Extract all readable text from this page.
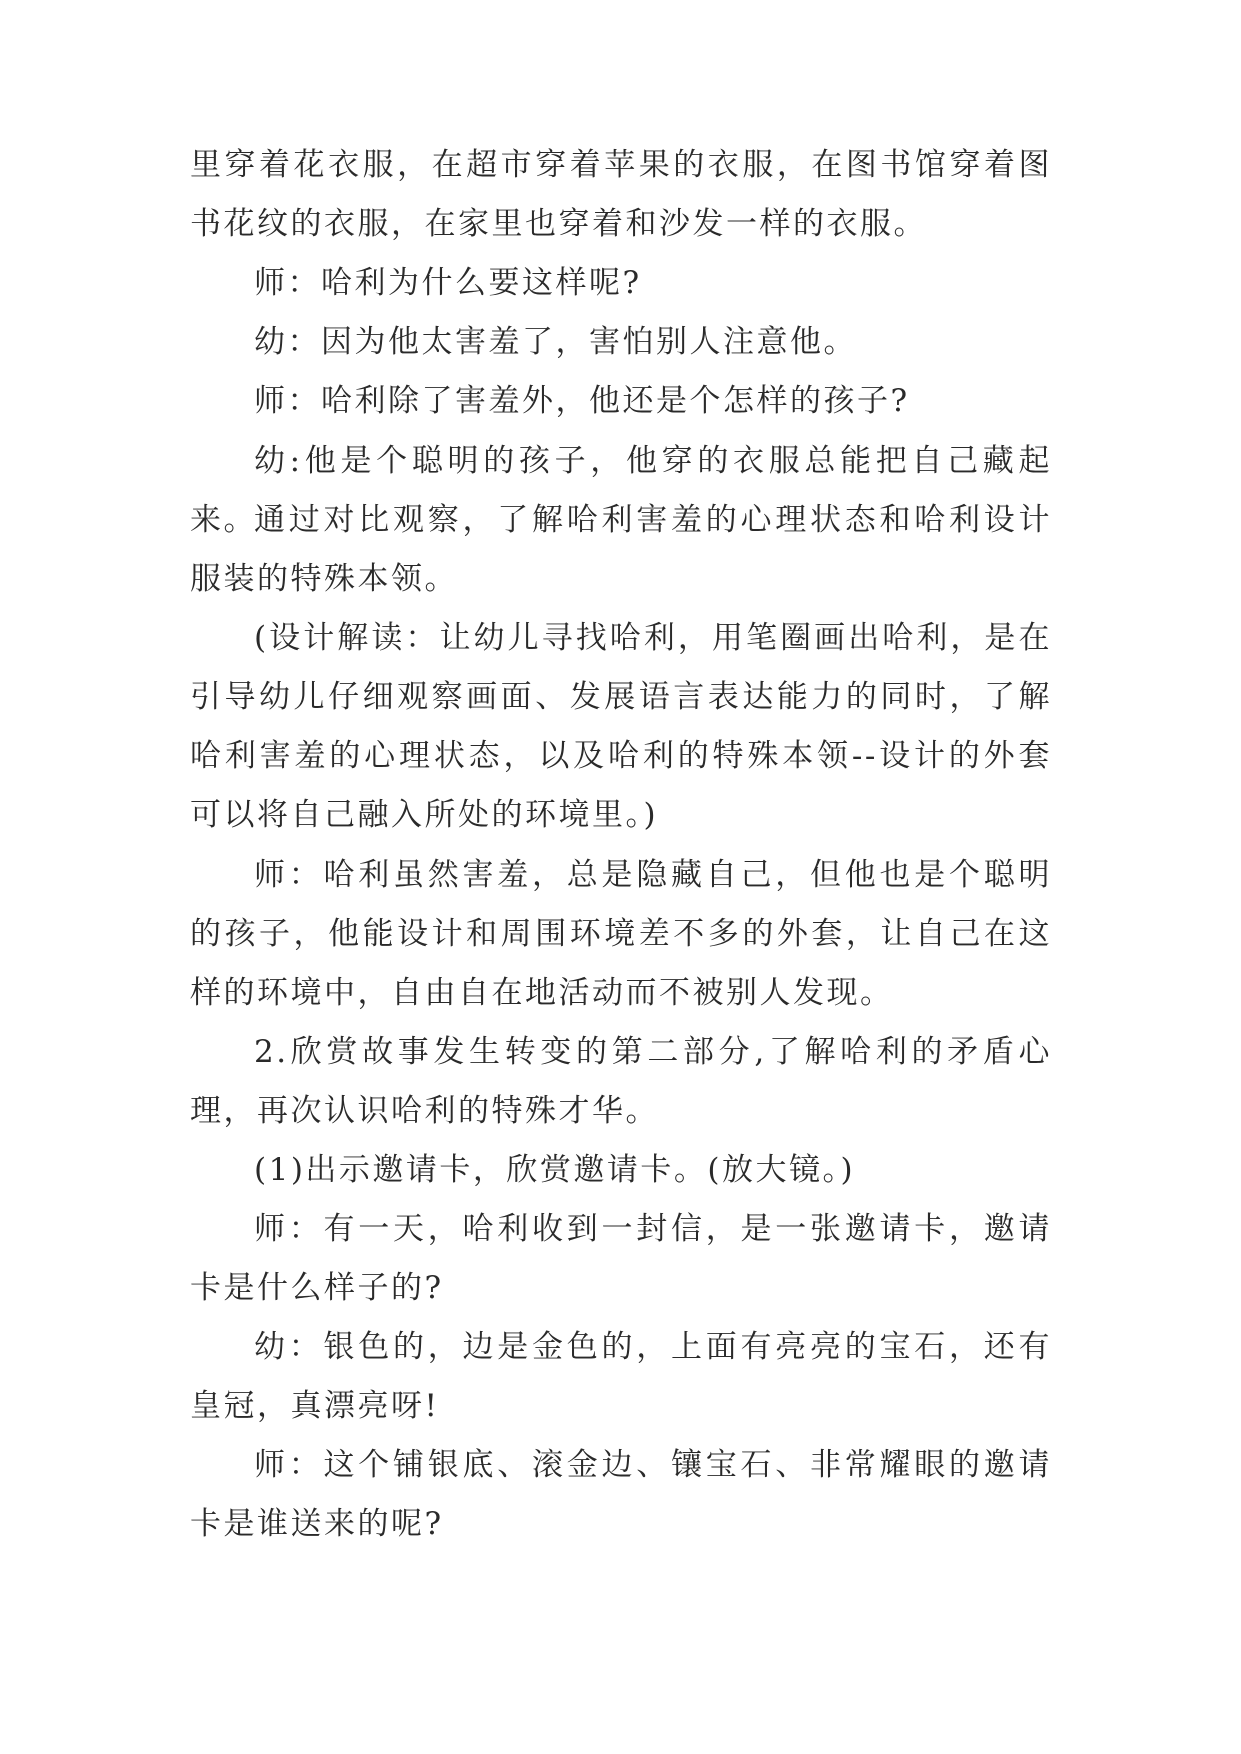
里穿着花衣服，在超市穿着苹果的衣服，在图书馆穿着图书花纹的衣服，在家里也穿着和沙发一样的衣服。

师：哈利为什么要这样呢?

幼：因为他太害羞了，害怕别人注意他。

师：哈利除了害羞外，他还是个怎样的孩子?

幼:他是个聪明的孩子，他穿的衣服总能把自己藏起来。

通过对比观察，了解哈利害羞的心理状态和哈利设计服装的特殊本领。

(设计解读：让幼儿寻找哈利，用笔圈画出哈利，是在引导幼儿仔细观察画面、发展语言表达能力的同时，了解哈利害羞的心理状态，以及哈利的特殊本领--设计的外套可以将自己融入所处的环境里。)

师：哈利虽然害羞，总是隐藏自己，但他也是个聪明的孩子，他能设计和周围环境差不多的外套，让自己在这样的环境中，自由自在地活动而不被别人发现。

2.欣赏故事发生转变的第二部分,了解哈利的矛盾心理，再次认识哈利的特殊才华。

(1)出示邀请卡，欣赏邀请卡。(放大镜。)

师：有一天，哈利收到一封信，是一张邀请卡，邀请卡是什么样子的?

幼：银色的，边是金色的，上面有亮亮的宝石，还有皇冠，真漂亮呀!

师：这个铺银底、滚金边、镶宝石、非常耀眼的邀请卡是谁送来的呢?
